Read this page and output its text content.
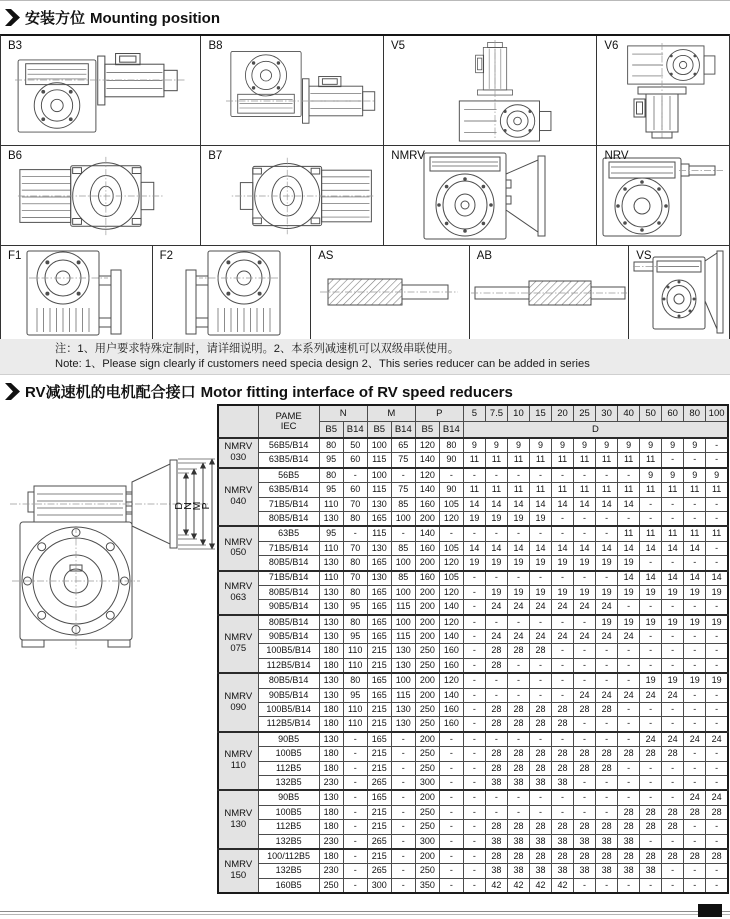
安装方位 Mounting position
B3	B8	V5	V6
B6	B7	NMRV	NRV
F1	F2	AS	AB	VS
注：1、用户要求特殊定制时，请详细说明。2、本系列减速机可以双级串联使用。
Note: 1、Please sign clearly if customers need specia design 2、This series reducer can be added in series
RV减速机的电机配合接口 Motor fitting interface of RV speed reducers
D
N
M
P

	PAME
IEC	N		M		P		5	7.5	10	15	20	25	30	40	50	60	80	100
		B5	B14	B5	B14	B5	B14	D											

NMRV
030	56B5/B14	80	50	100	65	120	80	9	9	9	9	9	9	9	9	9	9	9	-
	63B5/B14	95	60	115	75	140	90	11	11	11	11	11	11	11	11	11	-	-	-

NMRV
040	56B5	80	-	100	-	120	-	-	-	-	-	-	-	-	-	9	9	9	9
	63B5/B14	95	60	115	75	140	90	11	11	11	11	11	11	11	11	11	11	11	11
	71B5/B14	110	70	130	85	160	105	14	14	14	14	14	14	14	14	-	-	-	-
	80B5/B14	130	80	165	100	200	120	19	19	19	19	-	-	-	-	-	-	-	-

NMRV
050	63B5	95	-	115	-	140	-	-	-	-	-	-	-	-	11	11	11	11	11
	71B5/B14	110	70	130	85	160	105	14	14	14	14	14	14	14	14	14	14	14	-
	80B5/B14	130	80	165	100	200	120	19	19	19	19	19	19	19	19	-	-	-	-

NMRV
063	71B5/B14	110	70	130	85	160	105	-	-	-	-	-	-	-	14	14	14	14	14
	80B5/B14	130	80	165	100	200	120	-	19	19	19	19	19	19	19	19	19	19	19
	90B5/B14	130	95	165	115	200	140	-	24	24	24	24	24	24	-	-	-	-	-

NMRV
075	80B5/B14	130	80	165	100	200	120	-	-	-	-	-	-	19	19	19	19	19	19
	90B5/B14	130	95	165	115	200	140	-	24	24	24	24	24	24	24	-	-	-	-
	100B5/B14	180	110	215	130	250	160	-	28	28	28	-	-	-	-	-	-	-	-
	112B5/B14	180	110	215	130	250	160	-	28	-	-	-	-	-	-	-	-	-	-

NMRV
090	80B5/B14	130	80	165	100	200	120	-	-	-	-	-	-	-	-	19	19	19	19
	90B5/B14	130	95	165	115	200	140	-	-	-	-	-	24	24	24	24	24	-	-
	100B5/B14	180	110	215	130	250	160	-	28	28	28	28	28	28	-	-	-	-	-
	112B5/B14	180	110	215	130	250	160	-	28	28	28	28	-	-	-	-	-	-	-

NMRV
110	90B5	130	-	165	-	200	-	-	-	-	-	-	-	-	-	24	24	24	24
	100B5	180	-	215	-	250	-	-	28	28	28	28	28	28	28	28	28	-	-
	112B5	180	-	215	-	250	-	-	28	28	28	28	28	28	-	-	-	-	-
	132B5	230	-	265	-	300	-	-	38	38	38	38	-	-	-	-	-	-	-

NMRV
130	90B5	130	-	165	-	200	-	-	-	-	-	-	-	-	-	-	-	24	24
	100B5	180	-	215	-	250	-	-	-	-	-	-	-	-	28	28	28	28	28
	112B5	180	-	215	-	250	-	-	28	28	28	28	28	28	28	28	28	-	-
	132B5	230	-	265	-	300	-	-	38	38	38	38	38	38	38	-	-	-	-

NMRV
150	100/112B5	180	-	215	-	200	-	-	28	28	28	28	28	28	28	28	28	28	28
	132B5	230	-	265	-	250	-	-	38	38	38	38	38	38	38	38	-	-	-
	160B5	250	-	300	-	350	-	-	42	42	42	42	-	-	-	-	-	-	-
